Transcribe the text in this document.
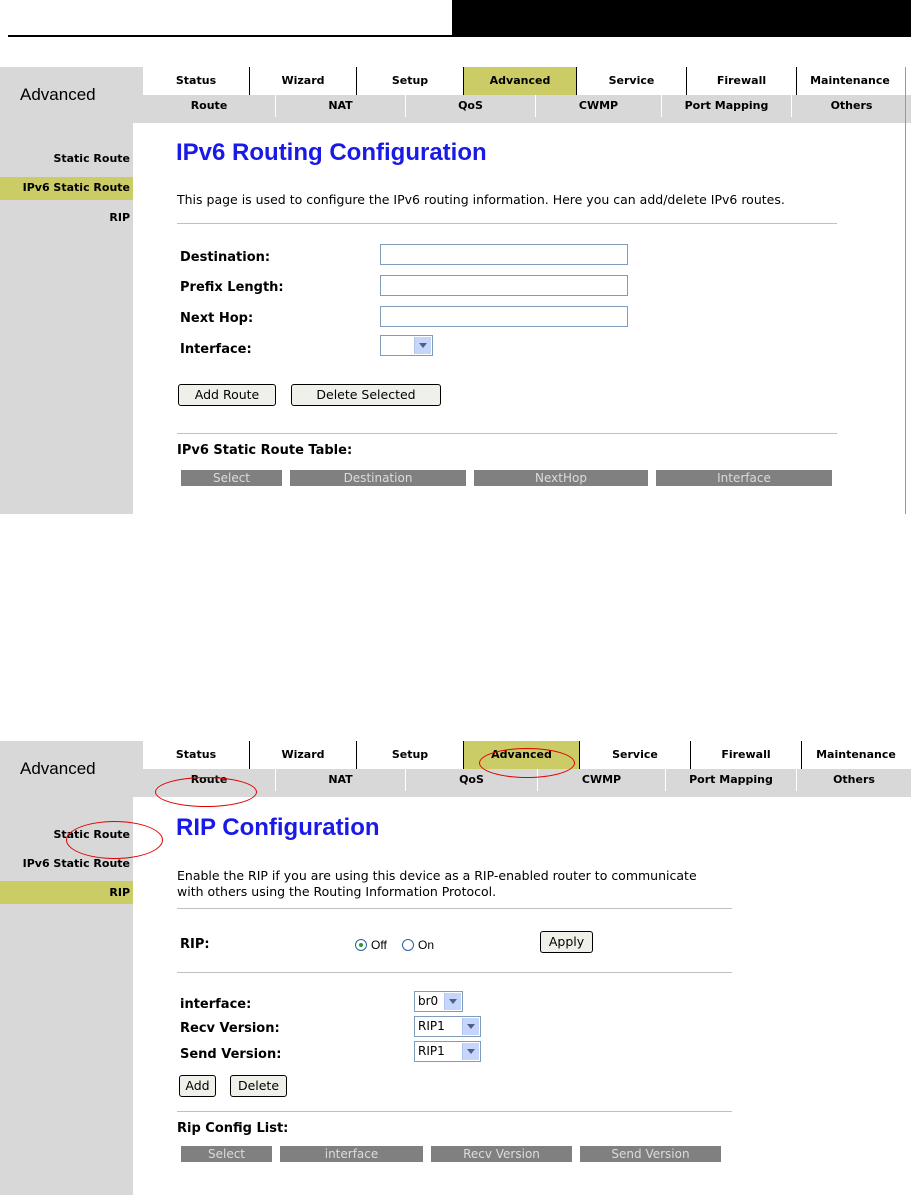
Advanced
Status	Wizard	Setup	Advanced	Service	Firewall	Maintenance
Route	NAT	QoS	CWMP	Port Mapping	Others
Static Route
IPv6 Static Route
RIP
IPv6 Routing Configuration
This page is used to configure the IPv6 routing information. Here you can add/delete IPv6 routes.
Destination:
Prefix Length:
Next Hop:
Interface:
Add Route	Delete Selected
IPv6 Static Route Table:
Select	Destination	NextHop	Interface
Advanced
Status	Wizard	Setup	Advanced	Service	Firewall	Maintenance
Route	NAT	QoS	CWMP	Port Mapping	Others
Static Route
IPv6 Static Route
RIP
RIP Configuration
Enable the RIP if you are using this device as a RIP-enabled router to communicate
with others using the Routing Information Protocol.
RIP:	Off	On	Apply
interface:	br0
Recv Version:	RIP1
Send Version:	RIP1
Add	Delete
Rip Config List:
Select	interface	Recv Version	Send Version
